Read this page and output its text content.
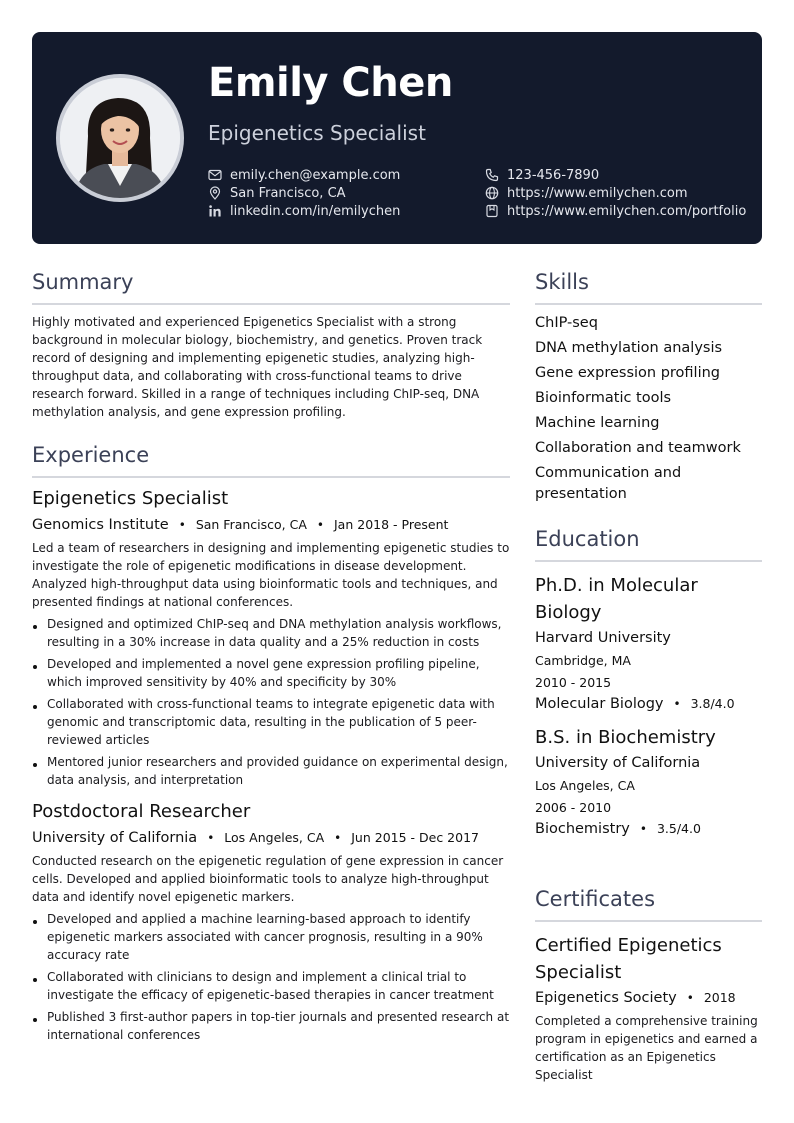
Emily Chen
Epigenetics Specialist
emily.chen@example.com
San Francisco, CA
linkedin.com/in/emilychen
123-456-7890
https://www.emilychen.com
https://www.emilychen.com/portfolio
Summary

Highly motivated and experienced Epigenetics Specialist with a strong background in molecular biology, biochemistry, and genetics. Proven track record of designing and implementing epigenetic studies, analyzing high-throughput data, and collaborating with cross-functional teams to drive research forward. Skilled in a range of techniques including ChIP-seq, DNA methylation analysis, and gene expression profiling.

Experience
Epigenetics Specialist
Genomics Institute • San Francisco, CA • Jan 2018 - Present

Led a team of researchers in designing and implementing epigenetic studies to investigate the role of epigenetic modifications in disease development. Analyzed high-throughput data using bioinformatic tools and techniques, and presented findings at national conferences.

Designed and optimized ChIP-seq and DNA methylation analysis workflows, resulting in a 30% increase in data quality and a 25% reduction in costs
Developed and implemented a novel gene expression profiling pipeline, which improved sensitivity by 40% and specificity by 30%
Collaborated with cross-functional teams to integrate epigenetic data with genomic and transcriptomic data, resulting in the publication of 5 peer-reviewed articles
Mentored junior researchers and provided guidance on experimental design, data analysis, and interpretation
Postdoctoral Researcher
University of California • Los Angeles, CA • Jun 2015 - Dec 2017

Conducted research on the epigenetic regulation of gene expression in cancer cells. Developed and applied bioinformatic tools to analyze high-throughput data and identify novel epigenetic markers.

Developed and applied a machine learning-based approach to identify epigenetic markers associated with cancer prognosis, resulting in a 90% accuracy rate
Collaborated with clinicians to design and implement a clinical trial to investigate the efficacy of epigenetic-based therapies in cancer treatment
Published 3 first-author papers in top-tier journals and presented research at international conferences
Skills
ChIP-seq
DNA methylation analysis
Gene expression profiling
Bioinformatic tools
Machine learning
Collaboration and teamwork
Communication and presentation
Education
Ph.D. in Molecular Biology
Harvard University
Cambridge, MA
2010 - 2015
Molecular Biology • 3.8/4.0
B.S. in Biochemistry
University of California
Los Angeles, CA
2006 - 2010
Biochemistry • 3.5/4.0
Certificates
Certified Epigenetics Specialist
Epigenetics Society • 2018

Completed a comprehensive training program in epigenetics and earned a certification as an Epigenetics Specialist
